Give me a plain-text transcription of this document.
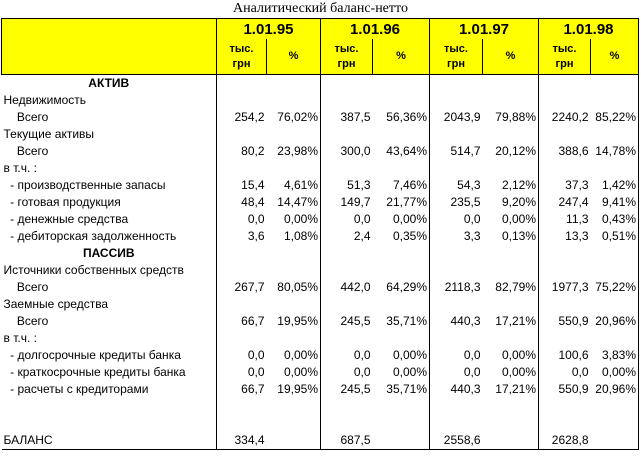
Аналитический баланс-нетто
	1.01.95		1.01.96		1.01.97		1.01.98	
	тыс.
грн	%	тыс.
грн	%	тыс.
грн	%	тыс.
грн	%
АКТИВ								
Недвижимость								
Всего	254,2	76,02%	387,5	56,36%	2043,9	79,88%	2240,2	85,22%
Текущие активы								
Всего	80,2	23,98%	300,0	43,64%	514,7	20,12%	388,6	14,78%
в т.ч. :								
- производственные запасы	15,4	4,61%	51,3	7,46%	54,3	2,12%	37,3	1,42%
- готовая продукция	48,4	14,47%	149,7	21,77%	235,5	9,20%	247,4	9,41%
- денежные средства	0,0	0,00%	0,0	0,00%	0,0	0,00%	11,3	0,43%
- дебиторская задолженность	3,6	1,08%	2,4	0,35%	3,3	0,13%	13,3	0,51%
ПАССИВ								
Источники собственных средств								
Всего	267,7	80,05%	442,0	64,29%	2118,3	82,79%	1977,3	75,22%
Заемные средства								
Всего	66,7	19,95%	245,5	35,71%	440,3	17,21%	550,9	20,96%
в т.ч. :								
- долгосрочные кредиты банка	0,0	0,00%	0,0	0,00%	0,0	0,00%	100,6	3,83%
- краткосрочные кредиты банка	0,0	0,00%	0,0	0,00%	0,0	0,00%	0,0	0,00%
- расчеты с кредиторами	66,7	19,95%	245,5	35,71%	440,3	17,21%	550,9	20,96%

БАЛАНС	334,4		687,5		2558,6		2628,8	
